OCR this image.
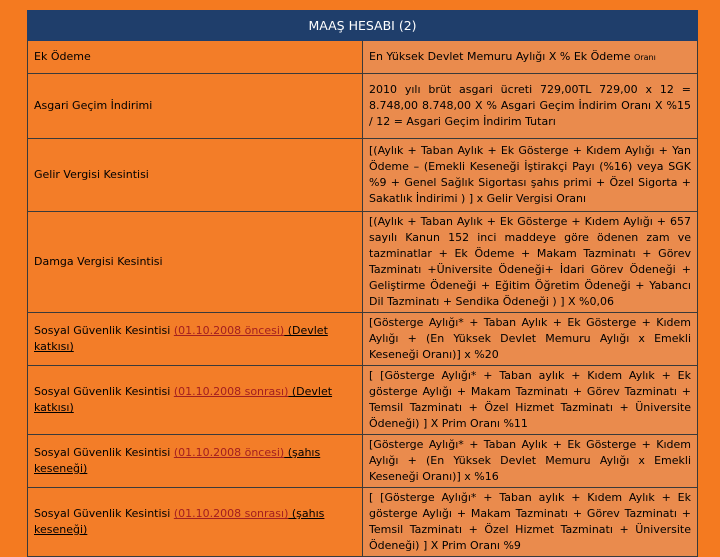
MAAŞ HESABI (2)	
Ek Ödeme	En Yüksek Devlet Memuru Aylığı X % Ek Ödeme Oranı
Asgari Geçim İndirimi	2010 yılı brüt asgari ücreti 729,00TL 729,00 x 12 = 8.748,00 8.748,00 X % Asgari Geçim İndirim Oranı X %15 / 12 = Asgari Geçim İndirim Tutarı
Gelir Vergisi Kesintisi	[(Aylık + Taban Aylık + Ek Gösterge + Kıdem Aylığı + Yan Ödeme – (Emekli Keseneği İştirakçi Payı (%16) veya SGK %9 + Genel Sağlık Sigortası şahıs primi + Özel Sigorta + Sakatlık İndirimi ) ] x Gelir Vergisi Oranı
Damga Vergisi Kesintisi	[(Aylık + Taban Aylık + Ek Gösterge + Kıdem Aylığı + 657 sayılı Kanun 152 inci maddeye göre ödenen zam ve tazminatlar + Ek Ödeme + Makam Tazminatı + Görev Tazminatı +Üniversite Ödeneği+ İdari Görev Ödeneği + Geliştirme Ödeneği + Eğitim Öğretim Ödeneği + Yabancı Dil Tazminatı + Sendika Ödeneği ) ] X %0,06
Sosyal Güvenlik Kesintisi (01.10.2008 öncesi) (Devlet katkısı)	[Gösterge Aylığı* + Taban Aylık + Ek Gösterge + Kıdem Aylığı + (En Yüksek Devlet Memuru Aylığı x Emekli Keseneği Oranı)] x %20
Sosyal Güvenlik Kesintisi (01.10.2008 sonrası) (Devlet katkısı)	[ [Gösterge Aylığı* + Taban aylık + Kıdem Aylık + Ek gösterge Aylığı + Makam Tazminatı + Görev Tazminatı + Temsil Tazminatı + Özel Hizmet Tazminatı + Üniversite Ödeneği) ] X Prim Oranı %11
Sosyal Güvenlik Kesintisi (01.10.2008 öncesi) (şahıs keseneği)	[Gösterge Aylığı* + Taban Aylık + Ek Gösterge + Kıdem Aylığı + (En Yüksek Devlet Memuru Aylığı x Emekli Keseneği Oranı)] x %16
Sosyal Güvenlik Kesintisi (01.10.2008 sonrası) (şahıs keseneği)	[ [Gösterge Aylığı* + Taban aylık + Kıdem Aylık + Ek gösterge Aylığı + Makam Tazminatı + Görev Tazminatı + Temsil Tazminatı + Özel Hizmet Tazminatı + Üniversite Ödeneği) ] X Prim Oranı %9
